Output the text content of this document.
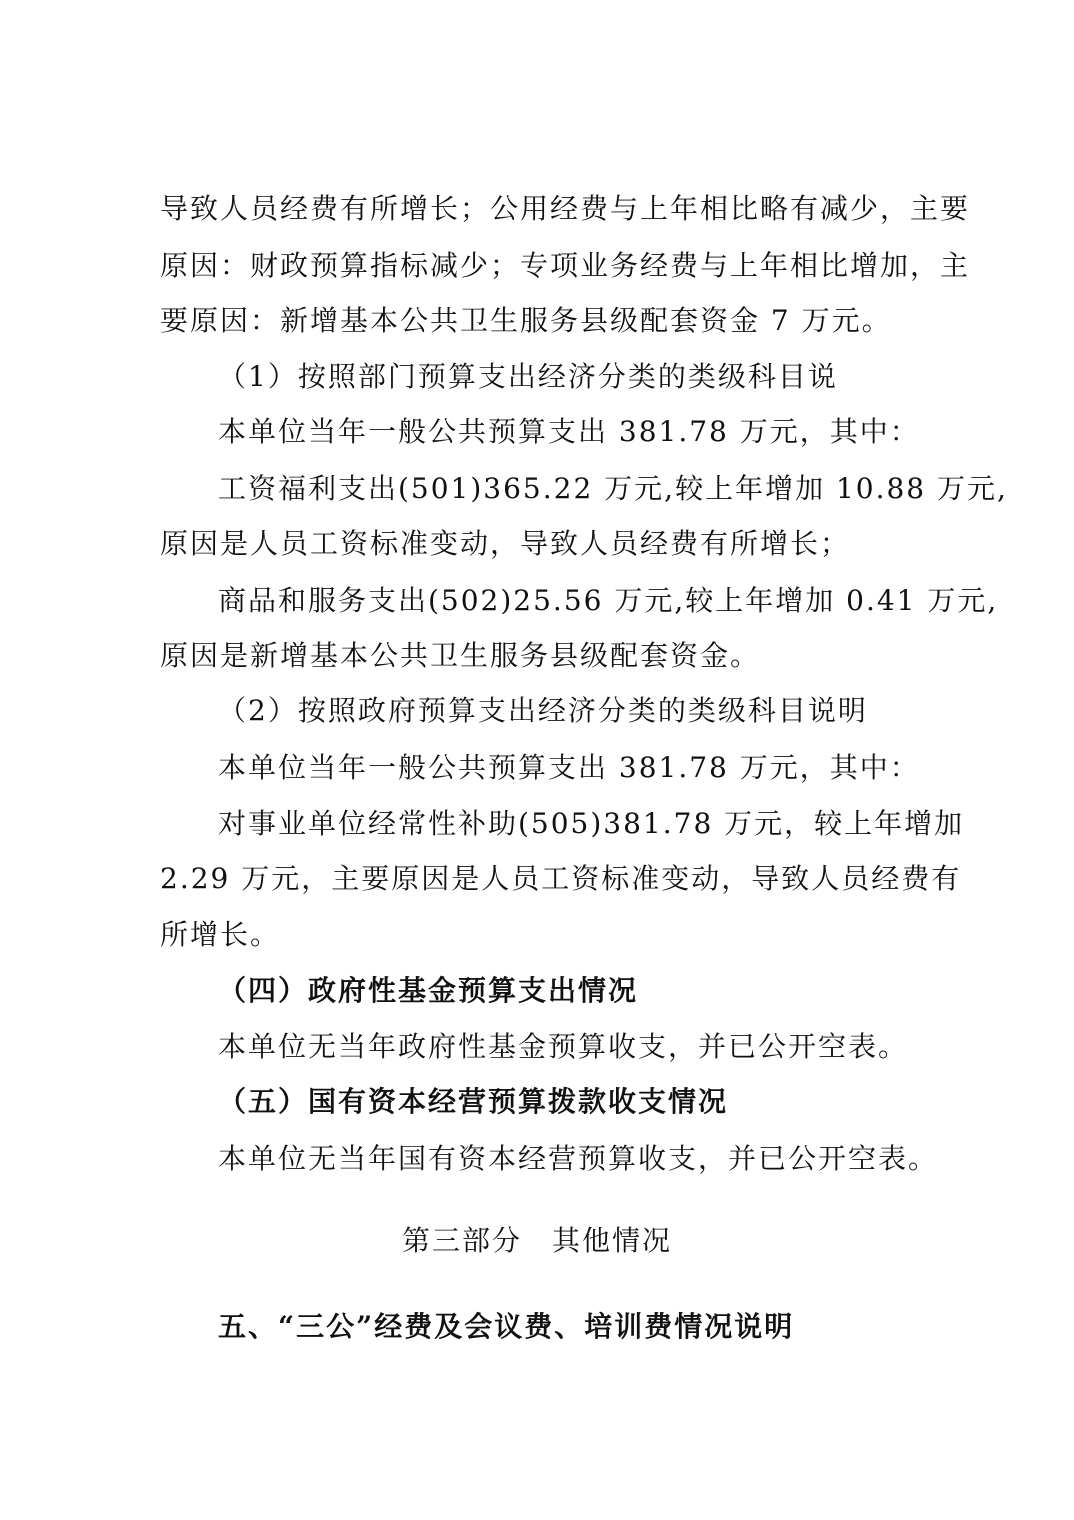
导致人员经费有所增长；公用经费与上年相比略有减少，主要
原因：财政预算指标减少；专项业务经费与上年相比增加，主
要原因：新增基本公共卫生服务县级配套资金 7 万元。
（1）按照部门预算支出经济分类的类级科目说
本单位当年一般公共预算支出 381.78 万元，其中：
工资福利支出(501)365.22 万元,较上年增加 10.88 万元,
原因是人员工资标准变动，导致人员经费有所增长；
商品和服务支出(502)25.56 万元,较上年增加 0.41 万元,
原因是新增基本公共卫生服务县级配套资金。
（2）按照政府预算支出经济分类的类级科目说明
本单位当年一般公共预算支出 381.78 万元，其中：
对事业单位经常性补助(505)381.78 万元，较上年增加
2.29 万元，主要原因是人员工资标准变动，导致人员经费有
所增长。
（四）政府性基金预算支出情况
本单位无当年政府性基金预算收支，并已公开空表。
（五）国有资本经营预算拨款收支情况
本单位无当年国有资本经营预算收支，并已公开空表。
第三部分　其他情况
五、“三公”经费及会议费、培训费情况说明
